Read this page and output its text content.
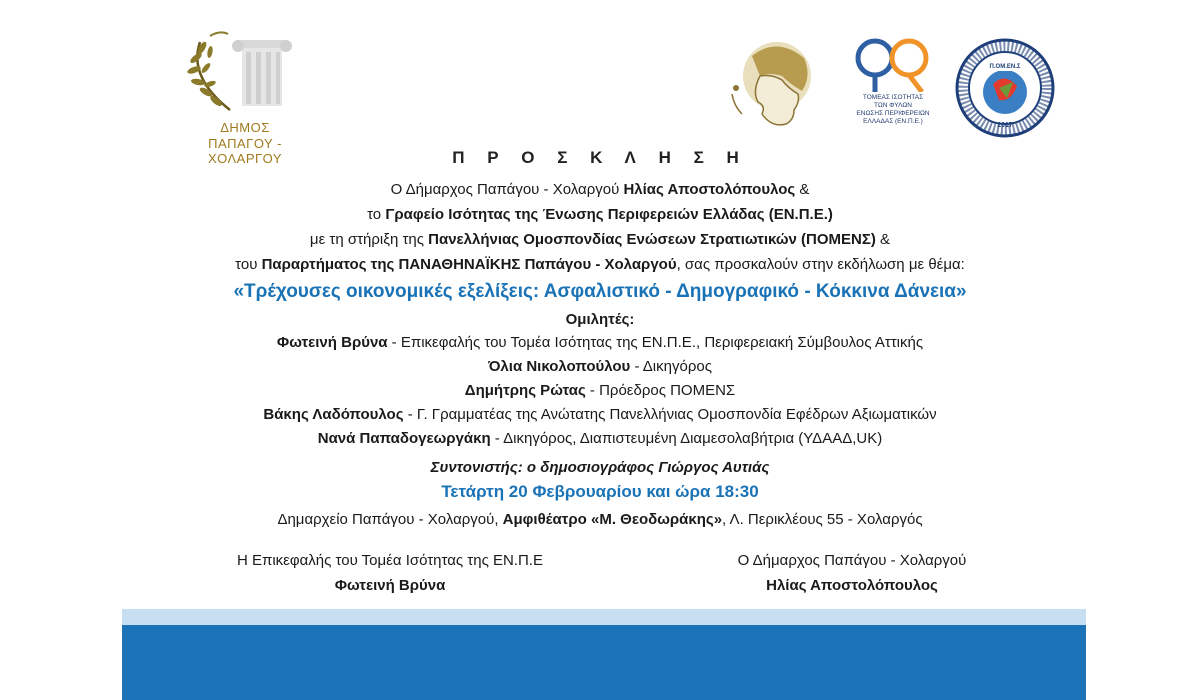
ΔΗΜΟΣ
ΠΑΠΑΓΟΥ - ΧΟΛΑΡΓΟΥ
ΤΟΜΕΑΣ ΙΣΟΤΗΤΑΣ
ΤΩΝ ΦΥΛΩΝ
ΕΝΩΣΗΣ ΠΕΡΙΦΕΡΕΙΩΝ
ΕΛΛΑΔΑΣ (ΕΝ.Π.Ε.)
Π.ΟΜ.ΕΝ.Σ
2017
Π Ρ Ο Σ Κ Λ Η Σ Η
Ο Δήμαρχος Παπάγου - Χολαργού Ηλίας Αποστολόπουλος &
το Γραφείο Ισότητας της Ένωσης Περιφερειών Ελλάδας (ΕΝ.Π.Ε.)
με τη στήριξη της Πανελλήνιας Ομοσπονδίας Ενώσεων Στρατιωτικών (ΠΟΜΕΝΣ) &
του Παραρτήματος της ΠΑΝΑΘΗΝΑΪΚΗΣ Παπάγου - Χολαργού, σας προσκαλούν στην εκδήλωση με θέμα:
«Τρέχουσες οικονομικές εξελίξεις: Ασφαλιστικό - Δημογραφικό - Κόκκινα Δάνεια»
Ομιλητές:
Φωτεινή Βρύνα - Επικεφαλής του Τομέα Ισότητας της ΕΝ.Π.Ε., Περιφερειακή Σύμβουλος Αττικής
Όλια Νικολοπούλου - Δικηγόρος
Δημήτρης Ρώτας - Πρόεδρος ΠΟΜΕΝΣ
Βάκης Λαδόπουλος - Γ. Γραμματέας της Ανώτατης Πανελλήνιας Ομοσπονδία Εφέδρων Αξιωματικών
Νανά Παπαδογεωργάκη - Δικηγόρος, Διαπιστευμένη Διαμεσολαβήτρια (ΥΔΑΑΔ,UK)
Συντονιστής: ο δημοσιογράφος Γιώργος Αυτιάς
Τετάρτη 20 Φεβρουαρίου και ώρα 18:30
Δημαρχείο Παπάγου - Χολαργού, Αμφιθέατρο «Μ. Θεοδωράκης», Λ. Περικλέους 55 - Χολαργός
Η Επικεφαλής του Τομέα Ισότητας της ΕΝ.Π.Ε
Φωτεινή Βρύνα
Ο Δήμαρχος Παπάγου - Χολαργού
Ηλίας Αποστολόπουλος
